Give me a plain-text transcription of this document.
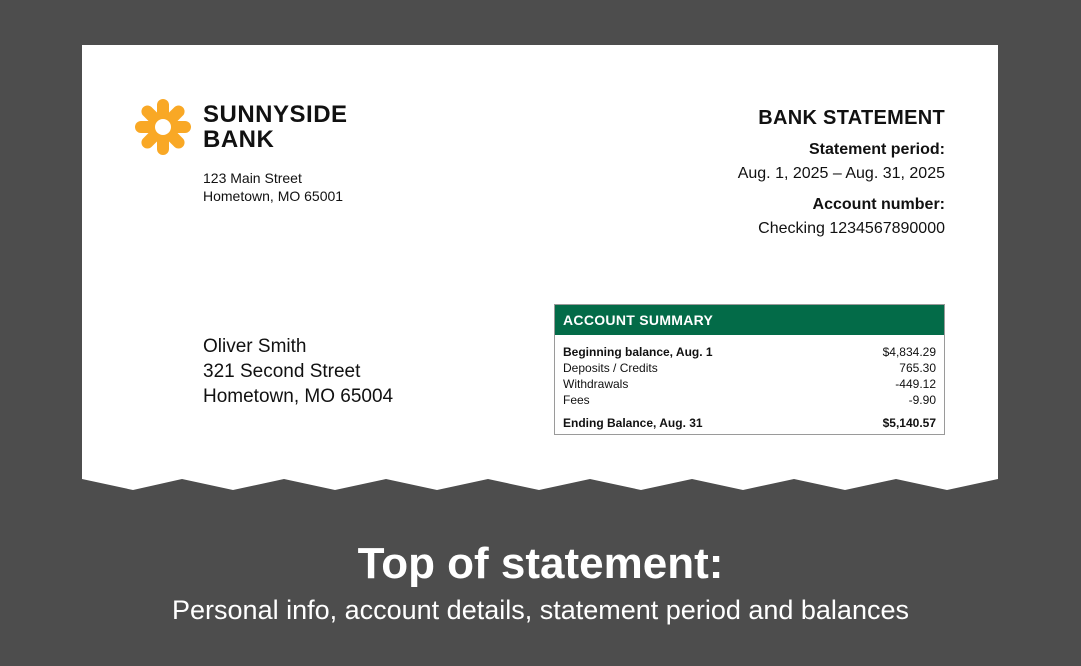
SUNNYSIDE
BANK
123 Main Street
Hometown, MO 65001
BANK STATEMENT
Statement period:
Aug. 1, 2025 – Aug. 31, 2025
Account number:
Checking 1234567890000
Oliver Smith
321 Second Street
Hometown, MO 65004
ACCOUNT SUMMARY
Beginning balance, Aug. 1	$4,834.29
Deposits / Credits	765.30
Withdrawals	-449.12
Fees	-9.90
Ending Balance, Aug. 31	$5,140.57
Top of statement:
Personal info, account details, statement period and balances
